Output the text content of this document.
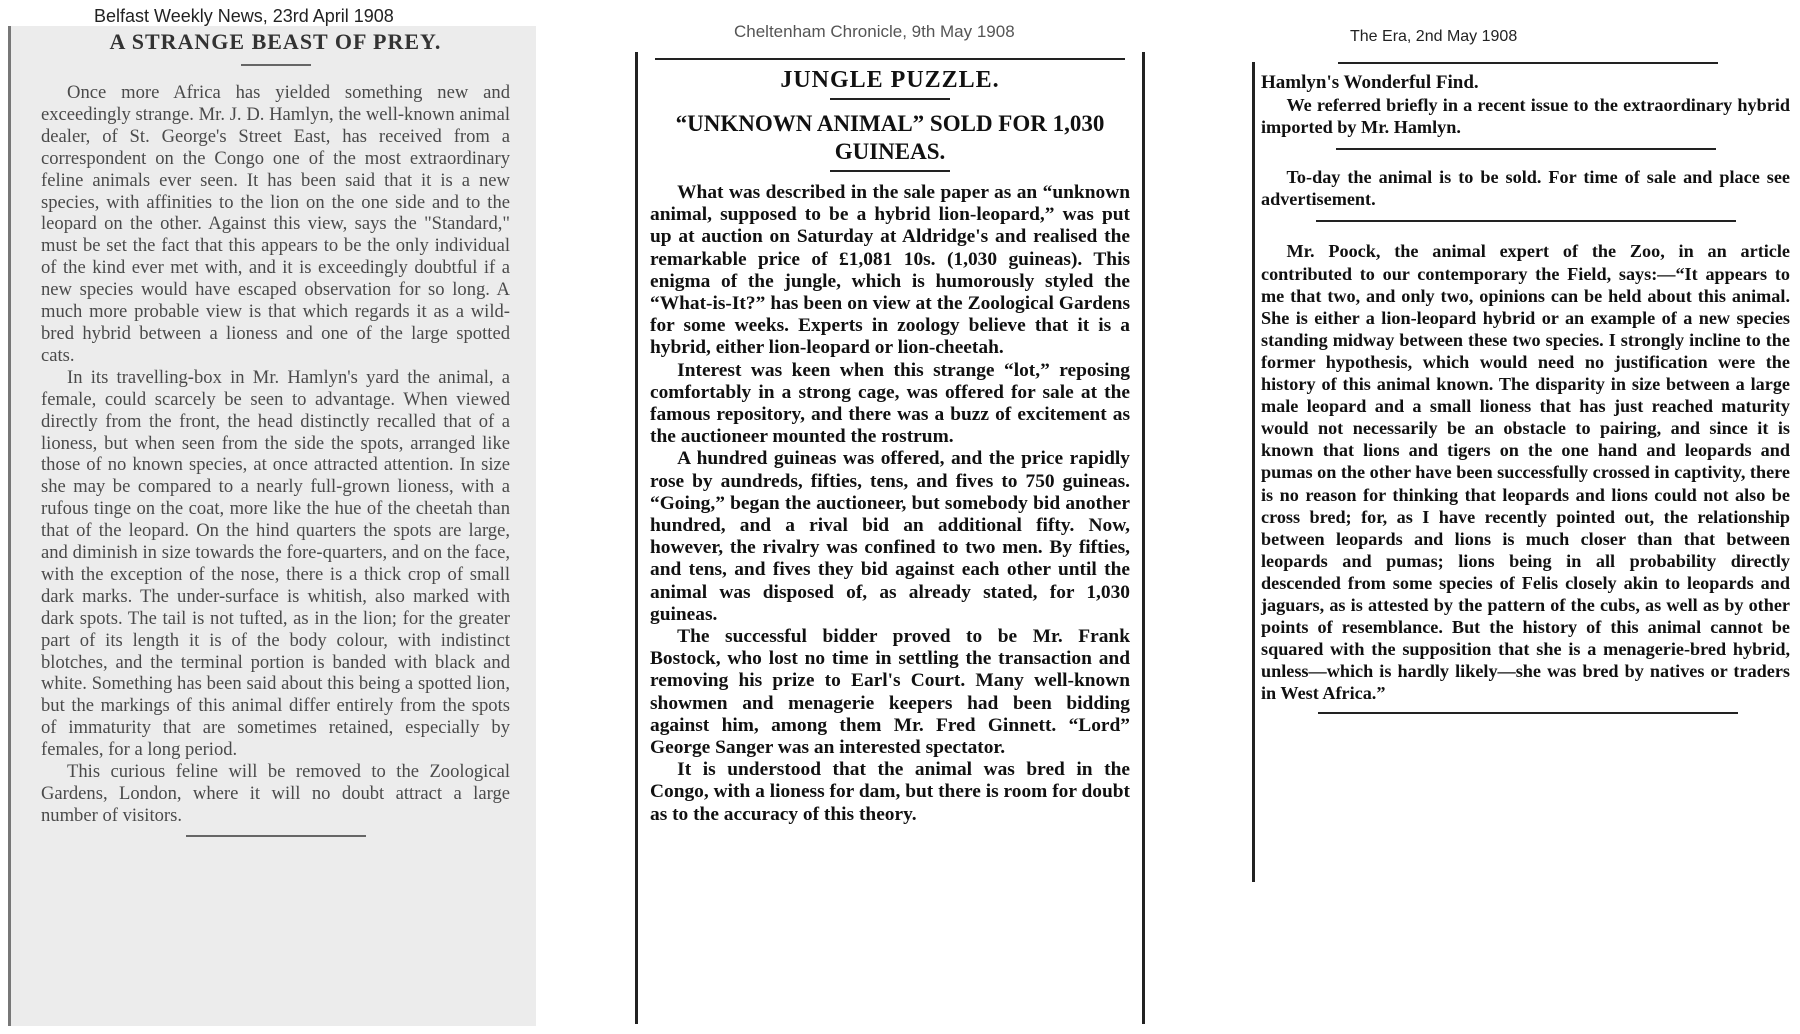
Belfast Weekly News, 23rd April 1908
Cheltenham Chronicle, 9th May 1908	The Era, 2nd May 1908
A STRANGE BEAST OF PREY.

Once more Africa has yielded something new and exceedingly strange. Mr. J. D. Hamlyn, the well-known animal dealer, of St. George's Street East, has received from a correspondent on the Congo one of the most extraordinary feline animals ever seen. It has been said that it is a new species, with affinities to the lion on the one side and to the leopard on the other. Against this view, says the "Standard," must be set the fact that this appears to be the only individual of the kind ever met with, and it is exceedingly doubtful if a new species would have escaped observation for so long. A much more probable view is that which regards it as a wild-bred hybrid between a lioness and one of the large spotted cats.

In its travelling-box in Mr. Hamlyn's yard the animal, a female, could scarcely be seen to advantage. When viewed directly from the front, the head distinctly recalled that of a lioness, but when seen from the side the spots, arranged like those of no known species, at once attracted attention. In size she may be compared to a nearly full-grown lioness, with a rufous tinge on the coat, more like the hue of the cheetah than that of the leopard. On the hind quarters the spots are large, and diminish in size towards the fore-quarters, and on the face, with the exception of the nose, there is a thick crop of small dark marks. The under-surface is whitish, also marked with dark spots. The tail is not tufted, as in the lion; for the greater part of its length it is of the body colour, with indistinct blotches, and the terminal portion is banded with black and white. Something has been said about this being a spotted lion, but the markings of this animal differ entirely from the spots of immaturity that are sometimes retained, especially by females, for a long period.

This curious feline will be removed to the Zoological Gardens, London, where it will no doubt attract a large number of visitors.

JUNGLE PUZZLE.
“UNKNOWN ANIMAL” SOLD FOR 1,030 GUINEAS.

What was described in the sale paper as an “unknown animal, supposed to be a hybrid lion-leopard,” was put up at auction on Saturday at Aldridge's and realised the remarkable price of £1,081 10s. (1,030 guineas). This enigma of the jungle, which is humorously styled the “What-is-It?” has been on view at the Zoological Gardens for some weeks. Experts in zoology believe that it is a hybrid, either lion-leopard or lion-cheetah.

Interest was keen when this strange “lot,” reposing comfortably in a strong cage, was offered for sale at the famous repository, and there was a buzz of excitement as the auctioneer mounted the rostrum.

A hundred guineas was offered, and the price rapidly rose by aundreds, fifties, tens, and fives to 750 guineas. “Going,” began the auctioneer, but somebody bid another hundred, and a rival bid an additional fifty. Now, however, the rivalry was confined to two men. By fifties, and tens, and fives they bid against each other until the animal was disposed of, as already stated, for 1,030 guineas.

The successful bidder proved to be Mr. Frank Bostock, who lost no time in settling the transaction and removing his prize to Earl's Court. Many well-known showmen and menagerie keepers had been bidding against him, among them Mr. Fred Ginnett. “Lord” George Sanger was an interested spectator.

It is understood that the animal was bred in the Congo, with a lioness for dam, but there is room for doubt as to the accuracy of this theory.

Hamlyn's Wonderful Find.

We referred briefly in a recent issue to the extraordinary hybrid imported by Mr. Hamlyn.

To-day the animal is to be sold. For time of sale and place see advertisement.

Mr. Poock, the animal expert of the Zoo, in an article contributed to our contemporary the Field, says:—“It appears to me that two, and only two, opinions can be held about this animal. She is either a lion-leopard hybrid or an example of a new species standing midway between these two species. I strongly incline to the former hypothesis, which would need no justification were the history of this animal known. The disparity in size between a large male leopard and a small lioness that has just reached maturity would not necessarily be an obstacle to pairing, and since it is known that lions and tigers on the one hand and leopards and pumas on the other have been successfully crossed in captivity, there is no reason for thinking that leopards and lions could not also be cross bred; for, as I have recently pointed out, the relationship between leopards and lions is much closer than that between leopards and pumas; lions being in all probability directly descended from some species of Felis closely akin to leopards and jaguars, as is attested by the pattern of the cubs, as well as by other points of resemblance. But the history of this animal cannot be squared with the supposition that she is a menagerie-bred hybrid, unless—which is hardly likely—she was bred by natives or traders in West Africa.”
